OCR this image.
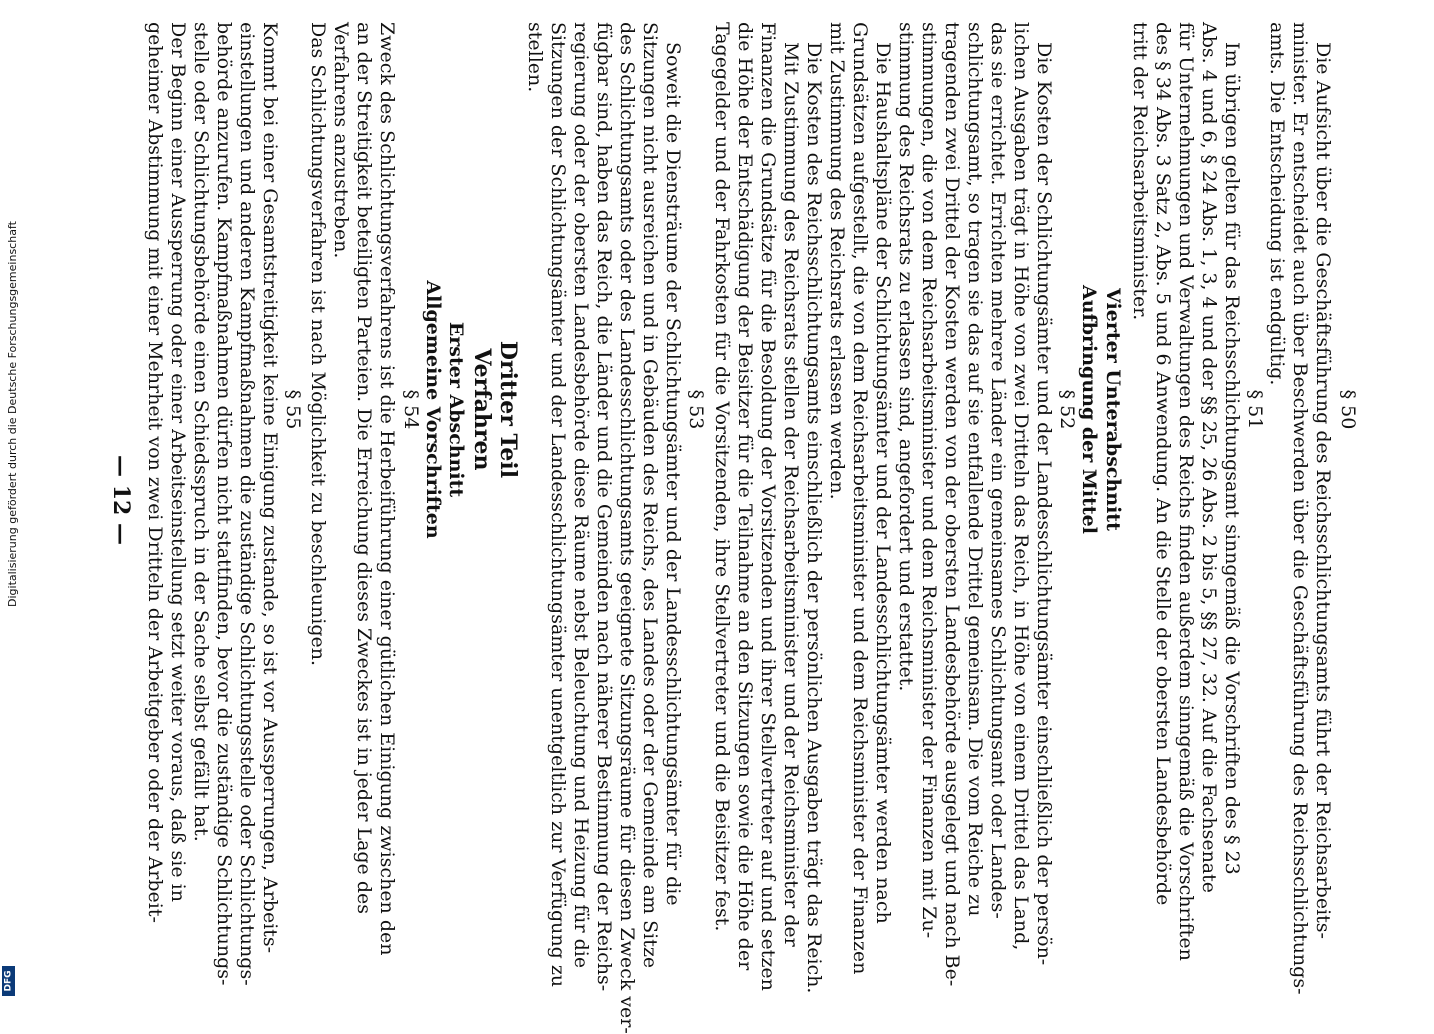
— 12 —
§ 50
Die Aufsicht über die Geschäftsführung des Reichsschlichtungsamts führt der Reichsarbeits-
minister. Er entscheidet auch über Beschwerden über die Geschäftsführung des Reichsschlichtungs-
amts. Die Entscheidung ist endgültig.
§ 51
Im übrigen gelten für das Reichsschlichtungsamt sinngemäß die Vorschriften des § 23
Abs. 4 und 6, § 24 Abs. 1, 3, 4 und der §§ 25, 26 Abs. 2 bis 5, §§ 27, 32. Auf die Fachsenate
für Unternehmungen und Verwaltungen des Reichs finden außerdem sinngemäß die Vorschriften
des § 34 Abs. 3 Satz 2, Abs. 5 und 6 Anwendung. An die Stelle der obersten Landesbehörde
tritt der Reichsarbeitsminister.
Vierter Unterabschnitt
Aufbringung der Mittel
§ 52
Die Kosten der Schlichtungsämter und der Landesschlichtungsämter einschließlich der persön-
lichen Ausgaben trägt in Höhe von zwei Dritteln das Reich, in Höhe von einem Drittel das Land,
das sie errichtet. Errichten mehrere Länder ein gemeinsames Schlichtungsamt oder Landes-
schlichtungsamt, so tragen sie das auf sie entfallende Drittel gemeinsam. Die vom Reiche zu
tragenden zwei Drittel der Kosten werden von der obersten Landesbehörde ausgelegt und nach Be-
stimmungen, die von dem Reichsarbeitsminister und dem Reichsminister der Finanzen mit Zu-
stimmung des Reichsrats zu erlassen sind, angefordert und erstattet.
Die Haushaltspläne der Schlichtungsämter und der Landesschlichtungsämter werden nach
Grundsätzen aufgestellt, die von dem Reichsarbeitsminister und dem Reichsminister der Finanzen
mit Zustimmung des Reichsrats erlassen werden.
Die Kosten des Reichsschlichtungsamts einschließlich der persönlichen Ausgaben trägt das Reich.
Mit Zustimmung des Reichsrats stellen der Reichsarbeitsminister und der Reichsminister der
Finanzen die Grundsätze für die Besoldung der Vorsitzenden und ihrer Stellvertreter auf und setzen
die Höhe der Entschädigung der Beisitzer für die Teilnahme an den Sitzungen sowie die Höhe der
Tagegelder und der Fahrkosten für die Vorsitzenden, ihre Stellvertreter und die Beisitzer fest.
§ 53
Soweit die Diensträume der Schlichtungsämter und der Landesschlichtungsämter für die
Sitzungen nicht ausreichen und in Gebäuden des Reichs, des Landes oder der Gemeinde am Sitze
des Schlichtungsamts oder des Landesschlichtungsamts geeignete Sitzungsräume für diesen Zweck ver-
fügbar sind, haben das Reich, die Länder und die Gemeinden nach näherer Bestimmung der Reichs-
regierung oder der obersten Landesbehörde diese Räume nebst Beleuchtung und Heizung für die
Sitzungen der Schlichtungsämter und der Landesschlichtungsämter unentgeltlich zur Verfügung zu
stellen.
Dritter Teil
Verfahren
Erster Abschnitt
Allgemeine Vorschriften
§ 54
Zweck des Schlichtungsverfahrens ist die Herbeiführung einer gütlichen Einigung zwischen den
an der Streitigkeit beteiligten Parteien. Die Erreichung dieses Zweckes ist in jeder Lage des
Verfahrens anzustreben.
Das Schlichtungsverfahren ist nach Möglichkeit zu beschleunigen.
§ 55
Kommt bei einer Gesamtstreitigkeit keine Einigung zustande, so ist vor Aussperrungen, Arbeits-
einstellungen und anderen Kampfmaßnahmen die zuständige Schlichtungsstelle oder Schlichtungs-
behörde anzurufen. Kampfmaßnahmen dürfen nicht stattfinden, bevor die zuständige Schlichtungs-
stelle oder Schlichtungsbehörde einen Schiedsspruch in der Sache selbst gefällt hat.
Der Beginn einer Aussperrung oder einer Arbeitseinstellung setzt weiter voraus, daß sie in
geheimer Abstimmung mit einer Mehrheit von zwei Dritteln der Arbeitgeber oder der Arbeit-
Digitalisierung gefördert durch die Deutsche Forschungsgemeinschaft
DFG
